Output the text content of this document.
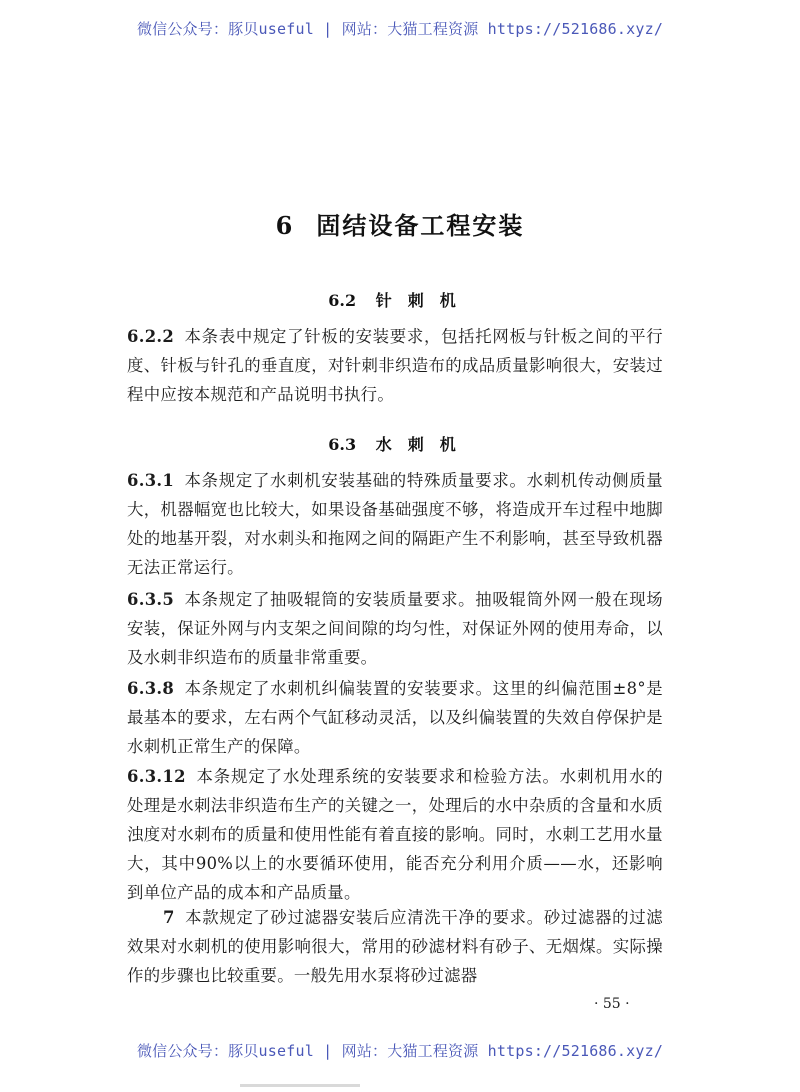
微信公众号：豚贝useful | 网站：大猫工程资源 https://521686.xyz/
6 固结设备工程安装
6.2 针刺机
6.2.2 本条表中规定了针板的安装要求，包括托网板与针板之间的平行度、针板与针孔的垂直度，对针刺非织造布的成品质量影响很大，安装过程中应按本规范和产品说明书执行。
6.3 水刺机
6.3.1 本条规定了水刺机安装基础的特殊质量要求。水刺机传动侧质量大，机器幅宽也比较大，如果设备基础强度不够，将造成开车过程中地脚处的地基开裂，对水刺头和拖网之间的隔距产生不利影响，甚至导致机器无法正常运行。
6.3.5 本条规定了抽吸辊筒的安装质量要求。抽吸辊筒外网一般在现场安装，保证外网与内支架之间间隙的均匀性，对保证外网的使用寿命，以及水刺非织造布的质量非常重要。
6.3.8 本条规定了水刺机纠偏装置的安装要求。这里的纠偏范围±8°是最基本的要求，左右两个气缸移动灵活，以及纠偏装置的失效自停保护是水刺机正常生产的保障。
6.3.12 本条规定了水处理系统的安装要求和检验方法。水刺机用水的处理是水刺法非织造布生产的关键之一，处理后的水中杂质的含量和水质浊度对水刺布的质量和使用性能有着直接的影响。同时，水刺工艺用水量大，其中90%以上的水要循环使用，能否充分利用介质——水，还影响到单位产品的成本和产品质量。
7 本款规定了砂过滤器安装后应清洗干净的要求。砂过滤器的过滤效果对水刺机的使用影响很大，常用的砂滤材料有砂子、无烟煤。实际操作的步骤也比较重要。一般先用水泵将砂过滤器
· 55 ·
微信公众号：豚贝useful | 网站：大猫工程资源 https://521686.xyz/
